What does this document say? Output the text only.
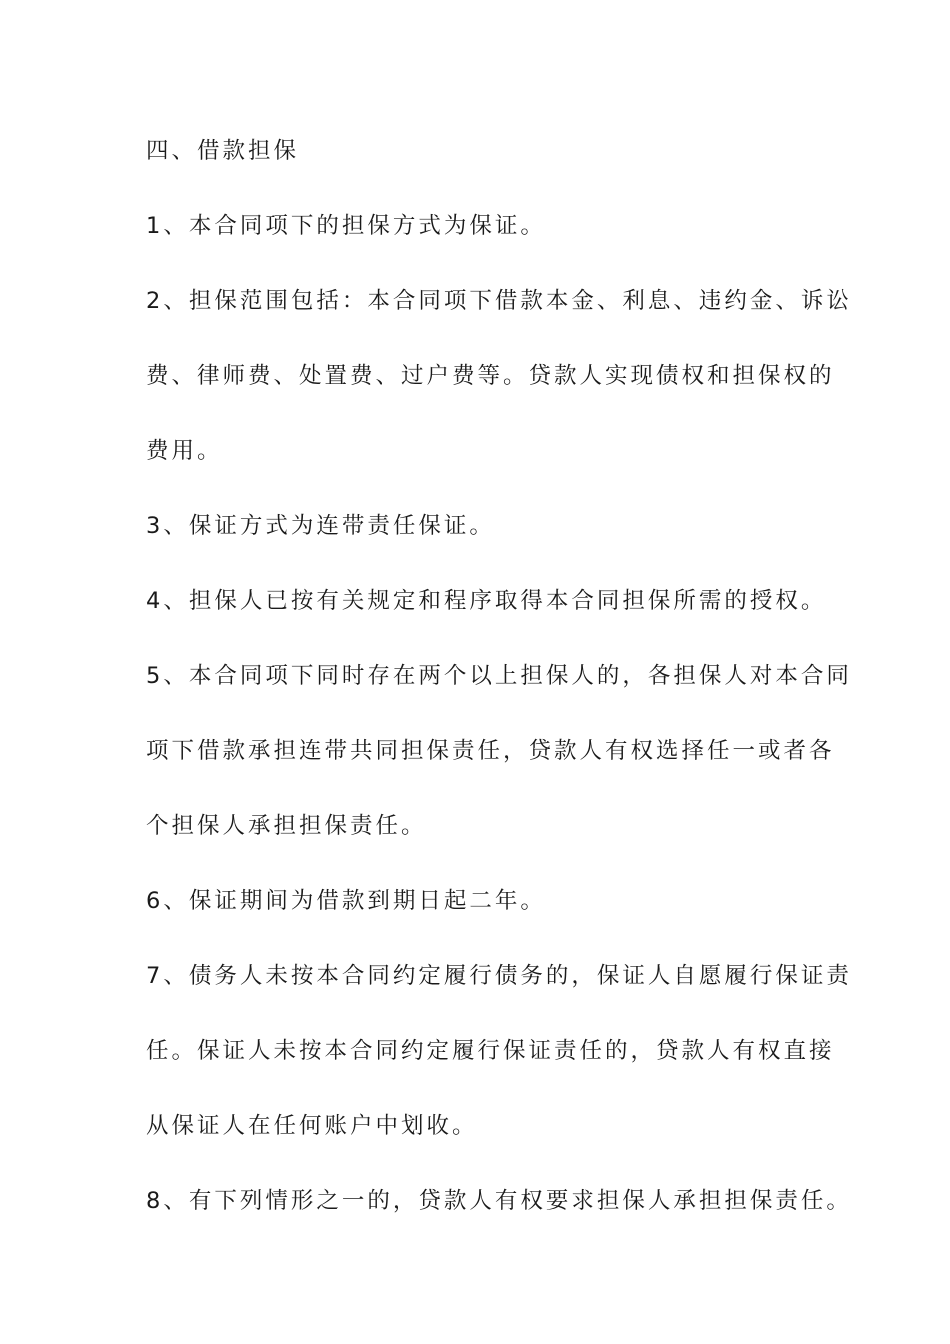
四、借款担保

1、本合同项下的担保方式为保证。

2、担保范围包括：本合同项下借款本金、利息、违约金、诉讼

费、律师费、处置费、过户费等。贷款人实现债权和担保权的

费用。

3、保证方式为连带责任保证。

4、担保人已按有关规定和程序取得本合同担保所需的授权。

5、本合同项下同时存在两个以上担保人的，各担保人对本合同

项下借款承担连带共同担保责任，贷款人有权选择任一或者各

个担保人承担担保责任。

6、保证期间为借款到期日起二年。

7、债务人未按本合同约定履行债务的，保证人自愿履行保证责

任。保证人未按本合同约定履行保证责任的，贷款人有权直接

从保证人在任何账户中划收。

8、有下列情形之一的，贷款人有权要求担保人承担担保责任。
